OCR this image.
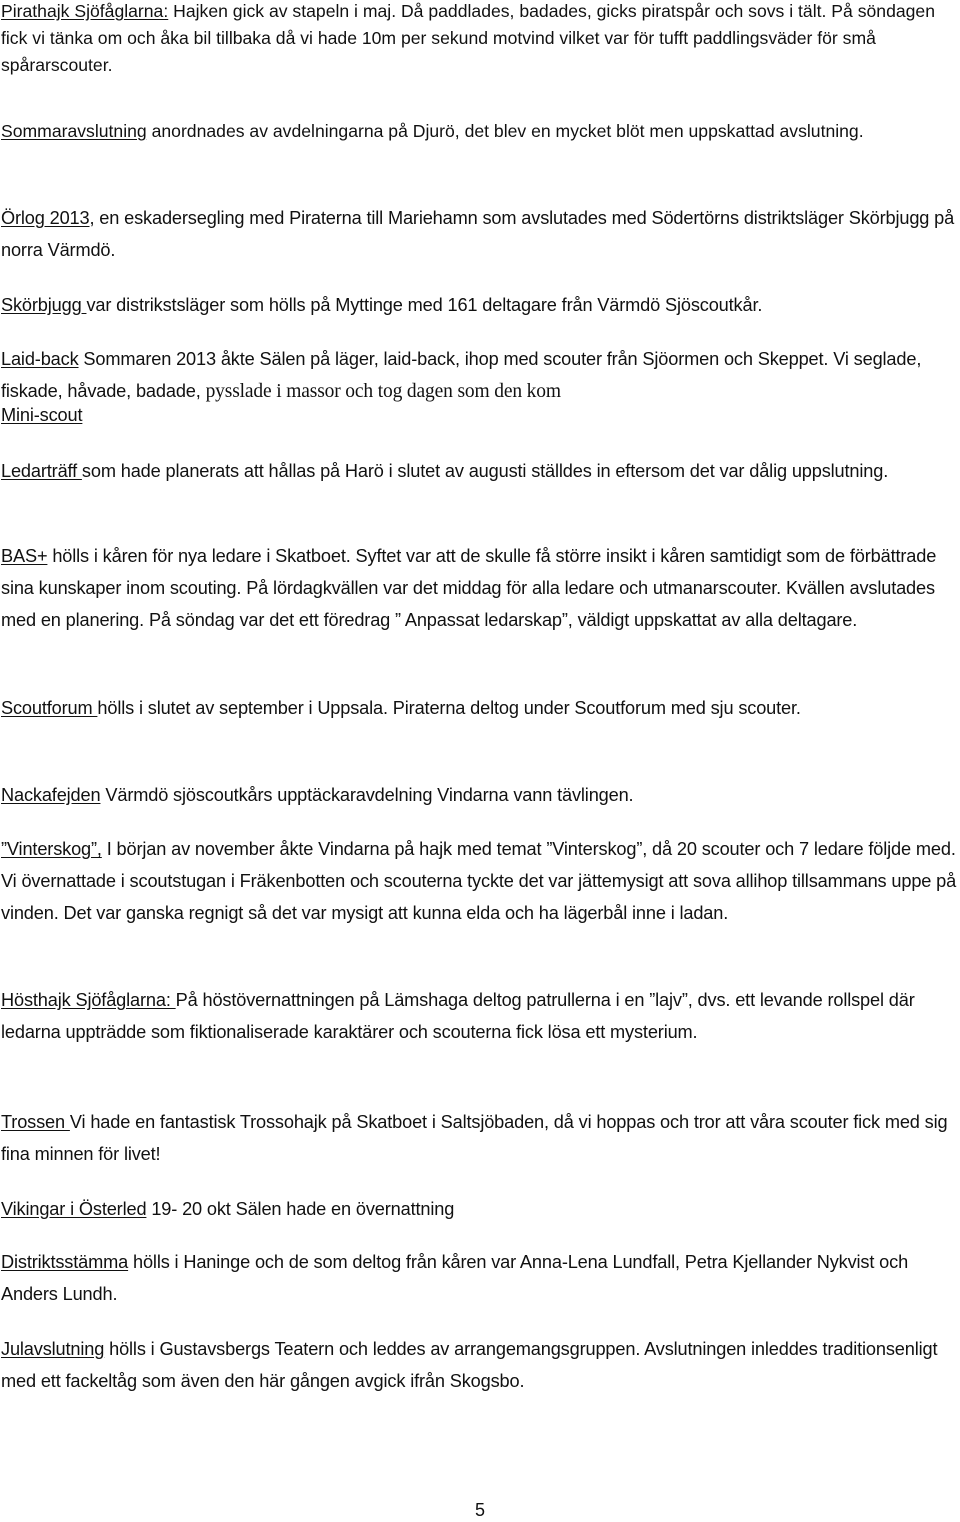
Pirathajk Sjöfåglarna: Hajken gick av stapeln i maj. Då paddlades, badades, gicks piratspår och sovs i tält. På söndagen fick vi tänka om och åka bil tillbaka då vi hade 10m per sekund motvind vilket var för tufft paddlingsväder för små spårarscouter.

Sommaravslutning anordnades av avdelningarna på Djurö, det blev en mycket blöt men uppskattad avslutning.

Örlog 2013, en eskadersegling med Piraterna till Mariehamn som avslutades med Södertörns distriktsläger Skörbjugg på norra Värmdö.

Skörbjugg var distrikstsläger som hölls på Myttinge med 161 deltagare från Värmdö Sjöscoutkår.

Laid-back Sommaren 2013 åkte Sälen på läger, laid-back, ihop med scouter från Sjöormen och Skeppet. Vi seglade, fiskade, håvade, badade, pysslade i massor och tog dagen som den kom

Mini-scout

Ledarträff som hade planerats att hållas på Harö i slutet av augusti ställdes in eftersom det var dålig uppslutning.

BAS+ hölls i kåren för nya ledare i Skatboet. Syftet var att de skulle få större insikt i kåren samtidigt som de förbättrade sina kunskaper inom scouting. På lördagkvällen var det middag för alla ledare och utmanarscouter. Kvällen avslutades med en planering. På söndag var det ett föredrag ” Anpassat ledarskap”, väldigt uppskattat av alla deltagare.

Scoutforum hölls i slutet av september i Uppsala. Piraterna deltog under Scoutforum med sju scouter.

Nackafejden Värmdö sjöscoutkårs upptäckaravdelning Vindarna vann tävlingen.

”Vinterskog”, I början av november åkte Vindarna på hajk med temat ”Vinterskog”, då 20 scouter och 7 ledare följde med. Vi övernattade i scoutstugan i Fräkenbotten och scouterna tyckte det var jättemysigt att sova allihop tillsammans uppe på vinden. Det var ganska regnigt så det var mysigt att kunna elda och ha lägerbål inne i ladan.

Hösthajk Sjöfåglarna: På höstövernattningen på Lämshaga deltog patrullerna i en ”lajv”, dvs. ett levande rollspel där ledarna uppträdde som fiktionaliserade karaktärer och scouterna fick lösa ett mysterium.

Trossen Vi hade en fantastisk Trossohajk på Skatboet i Saltsjöbaden, då vi hoppas och tror att våra scouter fick med sig fina minnen för livet!

Vikingar i Österled 19- 20 okt Sälen hade en övernattning

Distriktsstämma hölls i Haninge och de som deltog från kåren var Anna-Lena Lundfall, Petra Kjellander Nykvist och Anders Lundh.

Julavslutning hölls i Gustavsbergs Teatern och leddes av arrangemangsgruppen. Avslutningen inleddes traditionsenligt med ett fackeltåg som även den här gången avgick ifrån Skogsbo.

5
